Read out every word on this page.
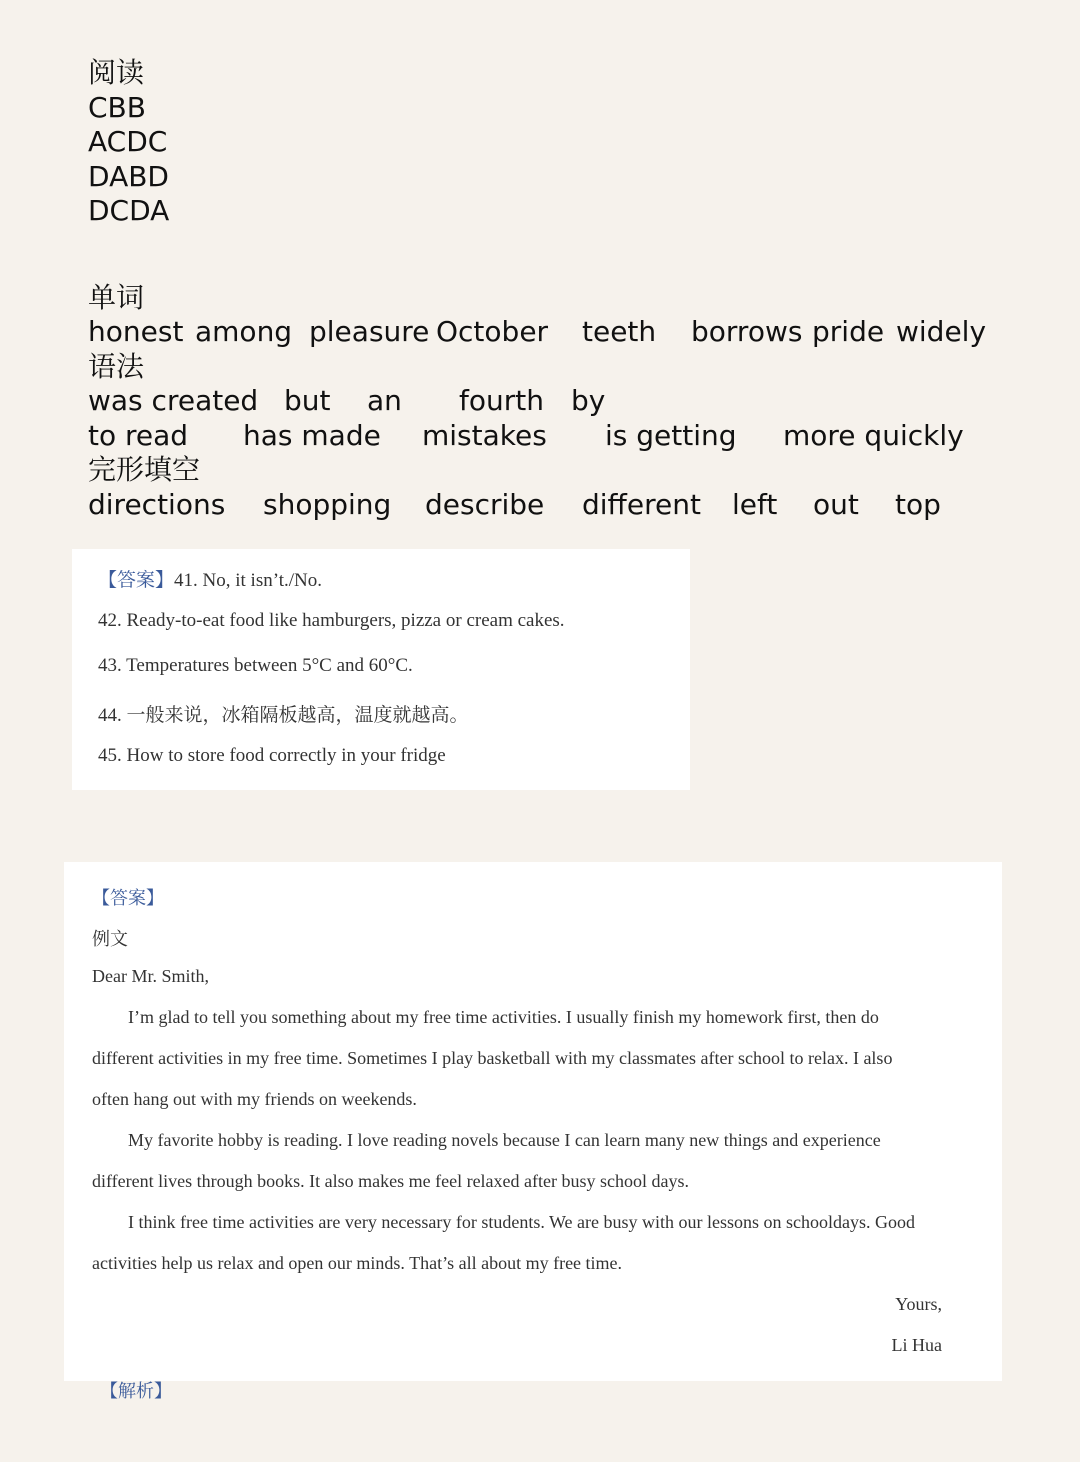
阅读
CBB
ACDC
DABD
DCDA
单词
honest among pleasure October teeth borrows pride widely
语法
was created but an fourth by
to read has made mistakes is getting more quickly
完形填空
directions shopping describe different left out top
【答案】41. No, it isn’t./No.
42. Ready-to-eat food like hamburgers, pizza or cream cakes.
43. Temperatures between 5°C and 60°C.
44. 一般来说，冰箱隔板越高，温度就越高。
45. How to store food correctly in your fridge
【答案】
例文
Dear Mr. Smith,
I’m glad to tell you something about my free time activities. I usually finish my homework first, then do
different activities in my free time. Sometimes I play basketball with my classmates after school to relax. I also
often hang out with my friends on weekends.
My favorite hobby is reading. I love reading novels because I can learn many new things and experience
different lives through books. It also makes me feel relaxed after busy school days.
I think free time activities are very necessary for students. We are busy with our lessons on schooldays. Good
activities help us relax and open our minds. That’s all about my free time.
Yours,
Li Hua
【解析】
